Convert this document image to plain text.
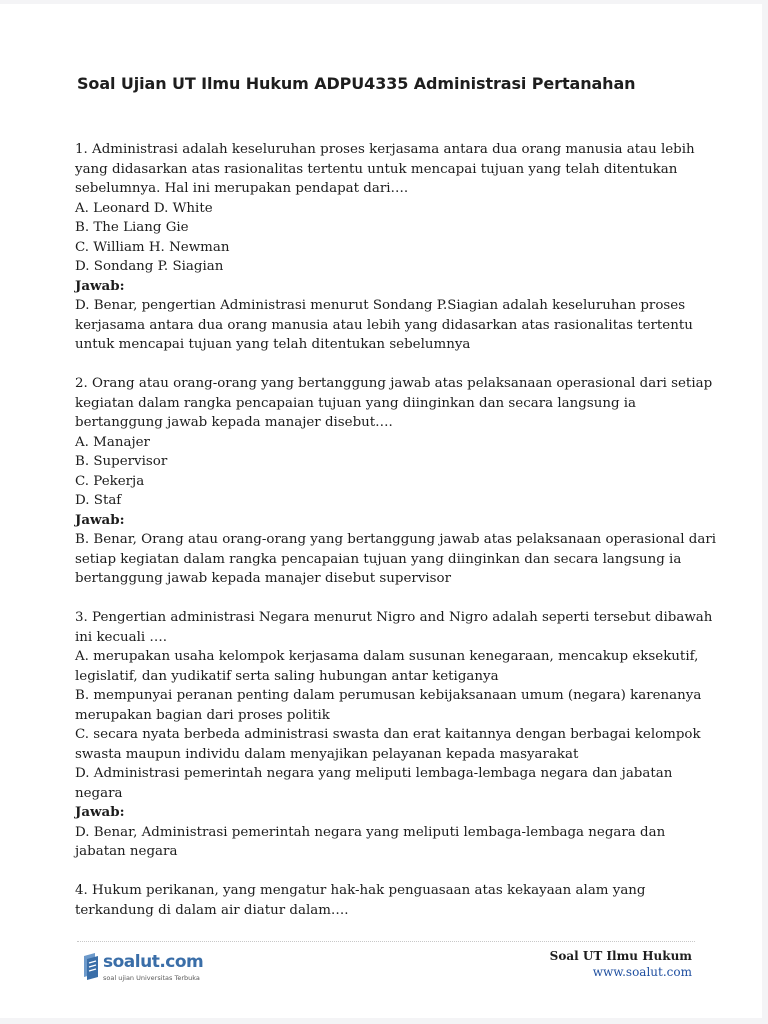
Soal Ujian UT Ilmu Hukum ADPU4335 Administrasi Pertanahan
1. Administrasi adalah keseluruhan proses kerjasama antara dua orang manusia atau lebih
yang didasarkan atas rasionalitas tertentu untuk mencapai tujuan yang telah ditentukan
sebelumnya. Hal ini merupakan pendapat dari….
A. Leonard D. White
B. The Liang Gie
C. William H. Newman
D. Sondang P. Siagian
Jawab:
D. Benar, pengertian Administrasi menurut Sondang P.Siagian adalah keseluruhan proses
kerjasama antara dua orang manusia atau lebih yang didasarkan atas rasionalitas tertentu
untuk mencapai tujuan yang telah ditentukan sebelumnya
2. Orang atau orang-orang yang bertanggung jawab atas pelaksanaan operasional dari setiap
kegiatan dalam rangka pencapaian tujuan yang diinginkan dan secara langsung ia
bertanggung jawab kepada manajer disebut….
A. Manajer
B. Supervisor
C. Pekerja
D. Staf
Jawab:
B. Benar, Orang atau orang-orang yang bertanggung jawab atas pelaksanaan operasional dari
setiap kegiatan dalam rangka pencapaian tujuan yang diinginkan dan secara langsung ia
bertanggung jawab kepada manajer disebut supervisor
3. Pengertian administrasi Negara menurut Nigro and Nigro adalah seperti tersebut dibawah
ini kecuali ….
A. merupakan usaha kelompok kerjasama dalam susunan kenegaraan, mencakup eksekutif,
legislatif, dan yudikatif serta saling hubungan antar ketiganya
B. mempunyai peranan penting dalam perumusan kebijaksanaan umum (negara) karenanya
merupakan bagian dari proses politik
C. secara nyata berbeda administrasi swasta dan erat kaitannya dengan berbagai kelompok
swasta maupun individu dalam menyajikan pelayanan kepada masyarakat
D. Administrasi pemerintah negara yang meliputi lembaga-lembaga negara dan jabatan
negara
Jawab:
D. Benar, Administrasi pemerintah negara yang meliputi lembaga-lembaga negara dan
jabatan negara
4. Hukum perikanan, yang mengatur hak-hak penguasaan atas kekayaan alam yang
terkandung di dalam air diatur dalam….
soalut.com
soal ujian Universitas Terbuka
Soal UT Ilmu Hukum
www.soalut.com
